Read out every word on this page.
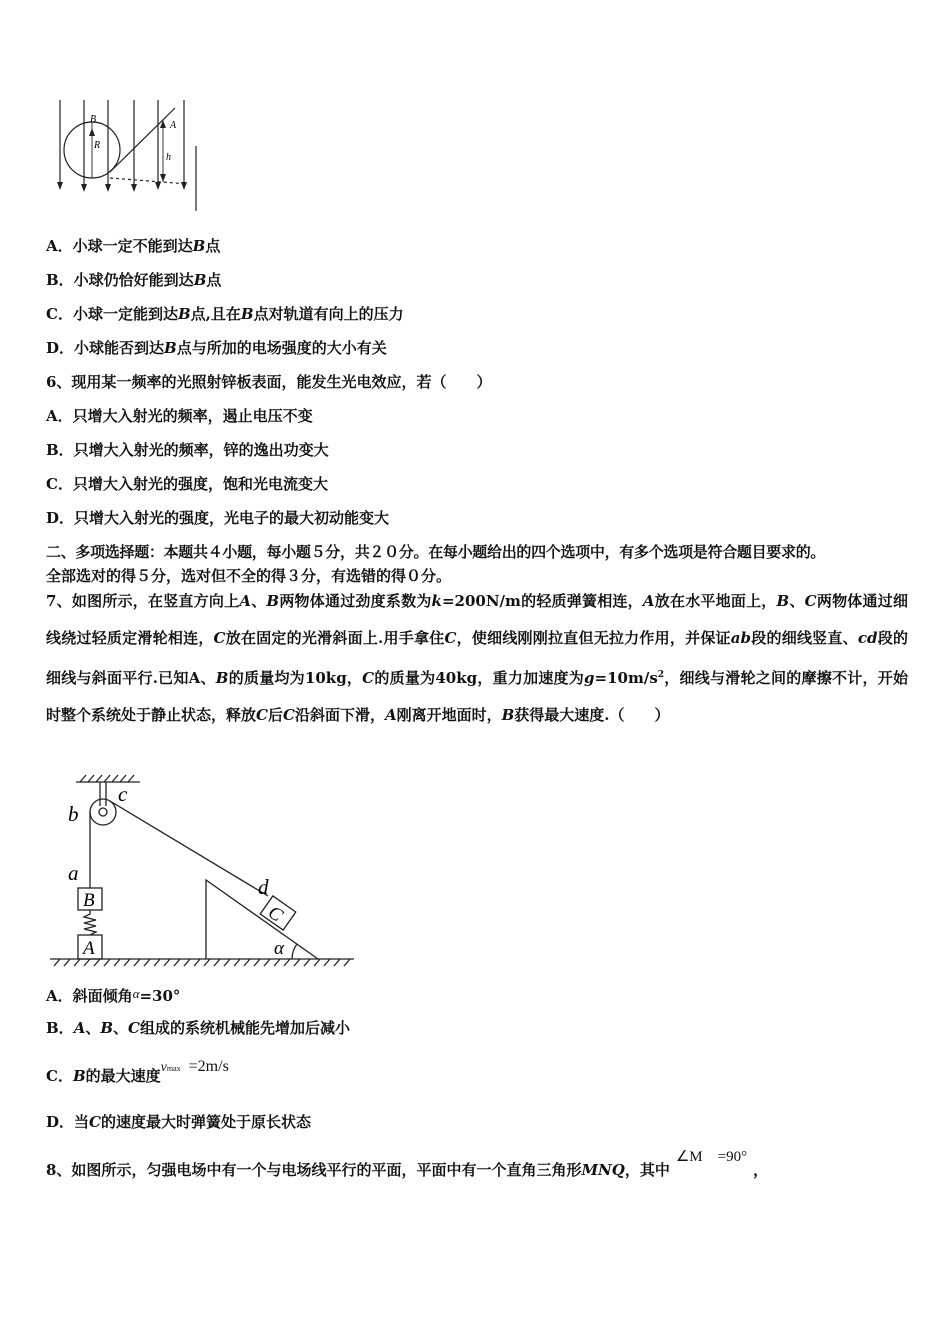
B
R
A
h
A．小球一定不能到达B点
B．小球仍恰好能到达B点
C．小球一定能到达B点,且在B点对轨道有向上的压力
D．小球能否到达B点与所加的电场强度的大小有关
6、现用某一频率的光照射锌板表面，能发生光电效应，若（　　）
A．只增大入射光的频率，遏止电压不变
B．只增大入射光的频率，锌的逸出功变大
C．只增大入射光的强度，饱和光电流变大
D．只增大入射光的强度，光电子的最大初动能变大
二、多项选择题：本题共４小题，每小题５分，共２０分。在每小题给出的四个选项中，有多个选项是符合题目要求的。
全部选对的得５分，选对但不全的得３分，有选错的得０分。
7、如图所示，在竖直方向上A、B两物体通过劲度系数为k=200N/m的轻质弹簧相连，A放在水平地面上，B、C两物体通过细线绕过轻质定滑轮相连，C放在固定的光滑斜面上.用手拿住C，使细线刚刚拉直但无拉力作用，并保证ab段的细线竖直、cd段的细线与斜面平行.已知A、B的质量均为10kg，C的质量为40kg，重力加速度为$g=10m/s^2$，细线与滑轮之间的摩擦不计，开始时整个系统处于静止状态，释放C后C沿斜面下滑，A刚离开地面时，B获得最大速度.（　　）
b
c
a
B
d
C
A	α
A．斜面倾角α=30°
B．A、B、C组成的系统机械能先增加后减小
C．B的最大速度vmax =2m/s
D．当C的速度最大时弹簧处于原长状态
8、如图所示，匀强电场中有一个与电场线平行的平面，平面中有一个直角三角形MNQ，其中∠M　=90°，
